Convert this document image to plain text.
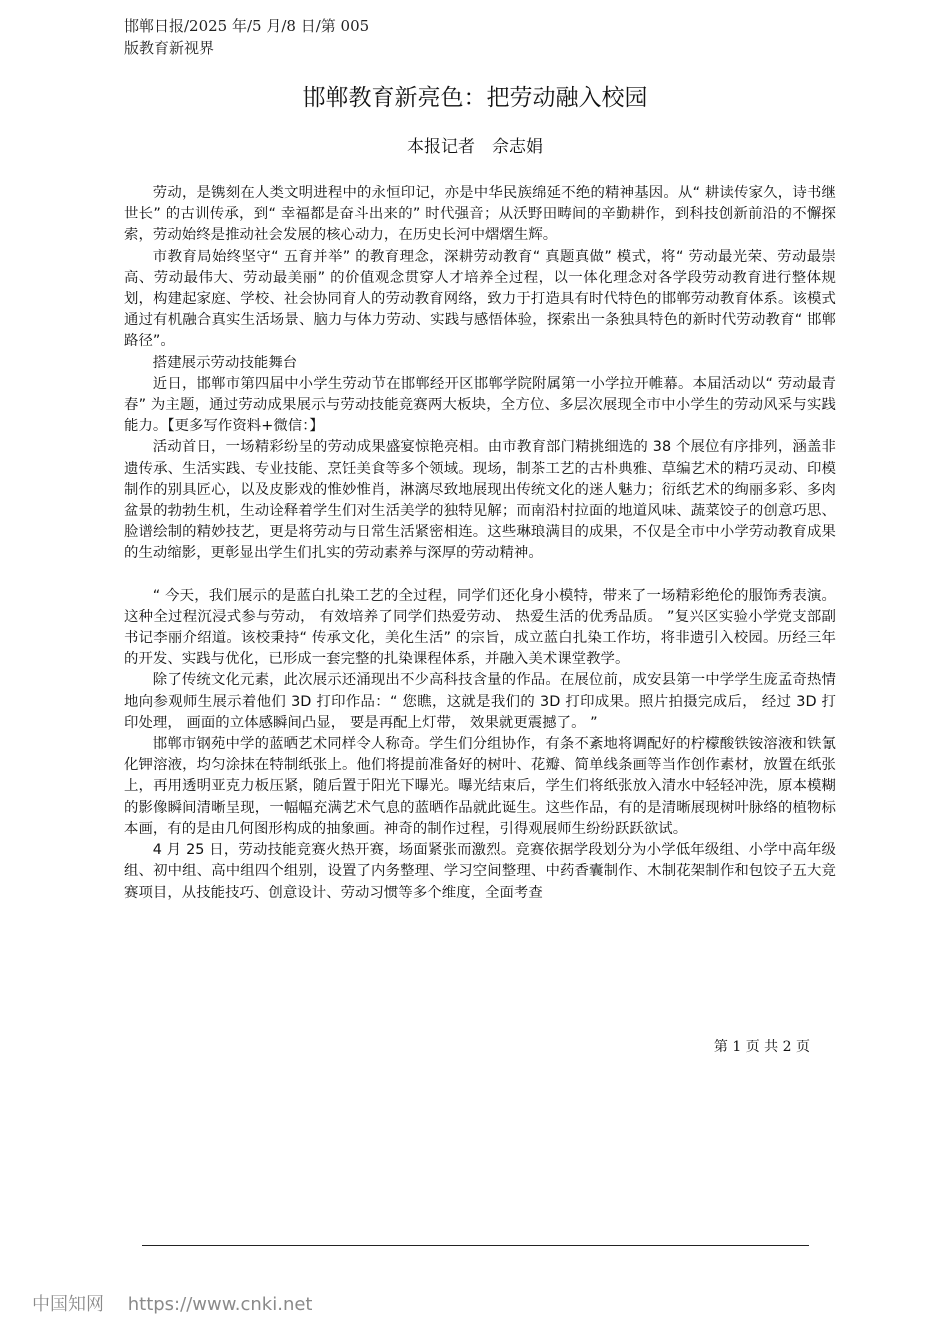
邯郸日报/2025 年/5 月/8 日/第 005
版教育新视界
邯郸教育新亮色：把劳动融入校园
本报记者　佘志娟

劳动，是镌刻在人类文明进程中的永恒印记，亦是中华民族绵延不绝的精神基因。从“ 耕读传家久，诗书继世长” 的古训传承，到“ 幸福都是奋斗出来的” 时代强音；从沃野田畴间的辛勤耕作，到科技创新前沿的不懈探索，劳动始终是推动社会发展的核心动力，在历史长河中熠熠生辉。

市教育局始终坚守“ 五育并举” 的教育理念，深耕劳动教育“ 真题真做” 模式，将“ 劳动最光荣、劳动最崇高、劳动最伟大、劳动最美丽” 的价值观念贯穿人才培养全过程，以一体化理念对各学段劳动教育进行整体规划，构建起家庭、学校、社会协同育人的劳动教育网络，致力于打造具有时代特色的邯郸劳动教育体系。该模式通过有机融合真实生活场景、脑力与体力劳动、实践与感悟体验，探索出一条独具特色的新时代劳动教育“ 邯郸路径”。

搭建展示劳动技能舞台

近日，邯郸市第四届中小学生劳动节在邯郸经开区邯郸学院附属第一小学拉开帷幕。本届活动以“ 劳动最青春” 为主题，通过劳动成果展示与劳动技能竞赛两大板块，全方位、多层次展现全市中小学生的劳动风采与实践能力。【更多写作资料+微信：】

活动首日，一场精彩纷呈的劳动成果盛宴惊艳亮相。由市教育部门精挑细选的 38 个展位有序排列，涵盖非遗传承、生活实践、专业技能、烹饪美食等多个领域。现场，制茶工艺的古朴典雅、草编艺术的精巧灵动、印模制作的别具匠心，以及皮影戏的惟妙惟肖，淋漓尽致地展现出传统文化的迷人魅力；衍纸艺术的绚丽多彩、多肉盆景的勃勃生机，生动诠释着学生们对生活美学的独特见解；而南沿村拉面的地道风味、蔬菜饺子的创意巧思、脸谱绘制的精妙技艺，更是将劳动与日常生活紧密相连。这些琳琅满目的成果，不仅是全市中小学劳动教育成果的生动缩影，更彰显出学生们扎实的劳动素养与深厚的劳动精神。

“ 今天，我们展示的是蓝白扎染工艺的全过程，同学们还化身小模特，带来了一场精彩绝伦的服饰秀表演。 这种全过程沉浸式参与劳动， 有效培养了同学们热爱劳动、 热爱生活的优秀品质。 ”复兴区实验小学党支部副书记李丽介绍道。该校秉持“ 传承文化，美化生活” 的宗旨，成立蓝白扎染工作坊，将非遗引入校园。历经三年的开发、实践与优化，已形成一套完整的扎染课程体系，并融入美术课堂教学。

除了传统文化元素，此次展示还涌现出不少高科技含量的作品。在展位前，成安县第一中学学生庞孟奇热情地向参观师生展示着他们 3D 打印作品：“ 您瞧，这就是我们的 3D 打印成果。照片拍摄完成后， 经过 3D 打印处理， 画面的立体感瞬间凸显， 要是再配上灯带， 效果就更震撼了。 ”

邯郸市钢苑中学的蓝晒艺术同样令人称奇。学生们分组协作，有条不紊地将调配好的柠檬酸铁铵溶液和铁氰化钾溶液，均匀涂抹在特制纸张上。他们将提前准备好的树叶、花瓣、简单线条画等当作创作素材，放置在纸张上，再用透明亚克力板压紧，随后置于阳光下曝光。曝光结束后，学生们将纸张放入清水中轻轻冲洗，原本模糊的影像瞬间清晰呈现，一幅幅充满艺术气息的蓝晒作品就此诞生。这些作品，有的是清晰展现树叶脉络的植物标本画，有的是由几何图形构成的抽象画。神奇的制作过程，引得观展师生纷纷跃跃欲试。

4 月 25 日，劳动技能竞赛火热开赛，场面紧张而激烈。竞赛依据学段划分为小学低年级组、小学中高年级组、初中组、高中组四个组别，设置了内务整理、学习空间整理、中药香囊制作、木制花架制作和包饺子五大竞赛项目，从技能技巧、创意设计、劳动习惯等多个维度，全面考查

第 1 页 共 2 页
中国知网 https://www.cnki.net
